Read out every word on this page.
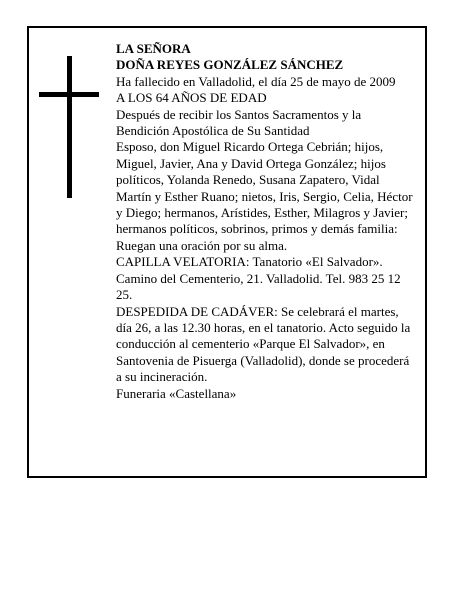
LA SEÑORA

DOÑA REYES GONZÁLEZ SÁNCHEZ

Ha fallecido en Valladolid, el día 25 de mayo de 2009

A LOS 64 AÑOS DE EDAD

Después de recibir los Santos Sacramentos y la Bendición Apostólica de Su Santidad

Esposo, don Miguel Ricardo Ortega Cebrián; hijos, Miguel, Javier, Ana y David Ortega González; hijos políticos, Yolanda Renedo, Susana Zapatero, Vidal Martín y Esther Ruano; nietos, Iris, Sergio, Celia, Héctor y Diego; hermanos, Arístides, Esther, Milagros y Javier; hermanos políticos, sobrinos, primos y demás familia:

Ruegan una oración por su alma.

CAPILLA VELATORIA: Tanatorio «El Salvador». Camino del Cementerio, 21. Valladolid. Tel. 983 25 12 25.

DESPEDIDA DE CADÁVER: Se celebrará el martes, día 26, a las 12.30 horas, en el tanatorio. Acto seguido la conducción al cementerio «Parque El Salvador», en Santovenia de Pisuerga (Valladolid), donde se procederá a su incineración.

Funeraria «Castellana»
